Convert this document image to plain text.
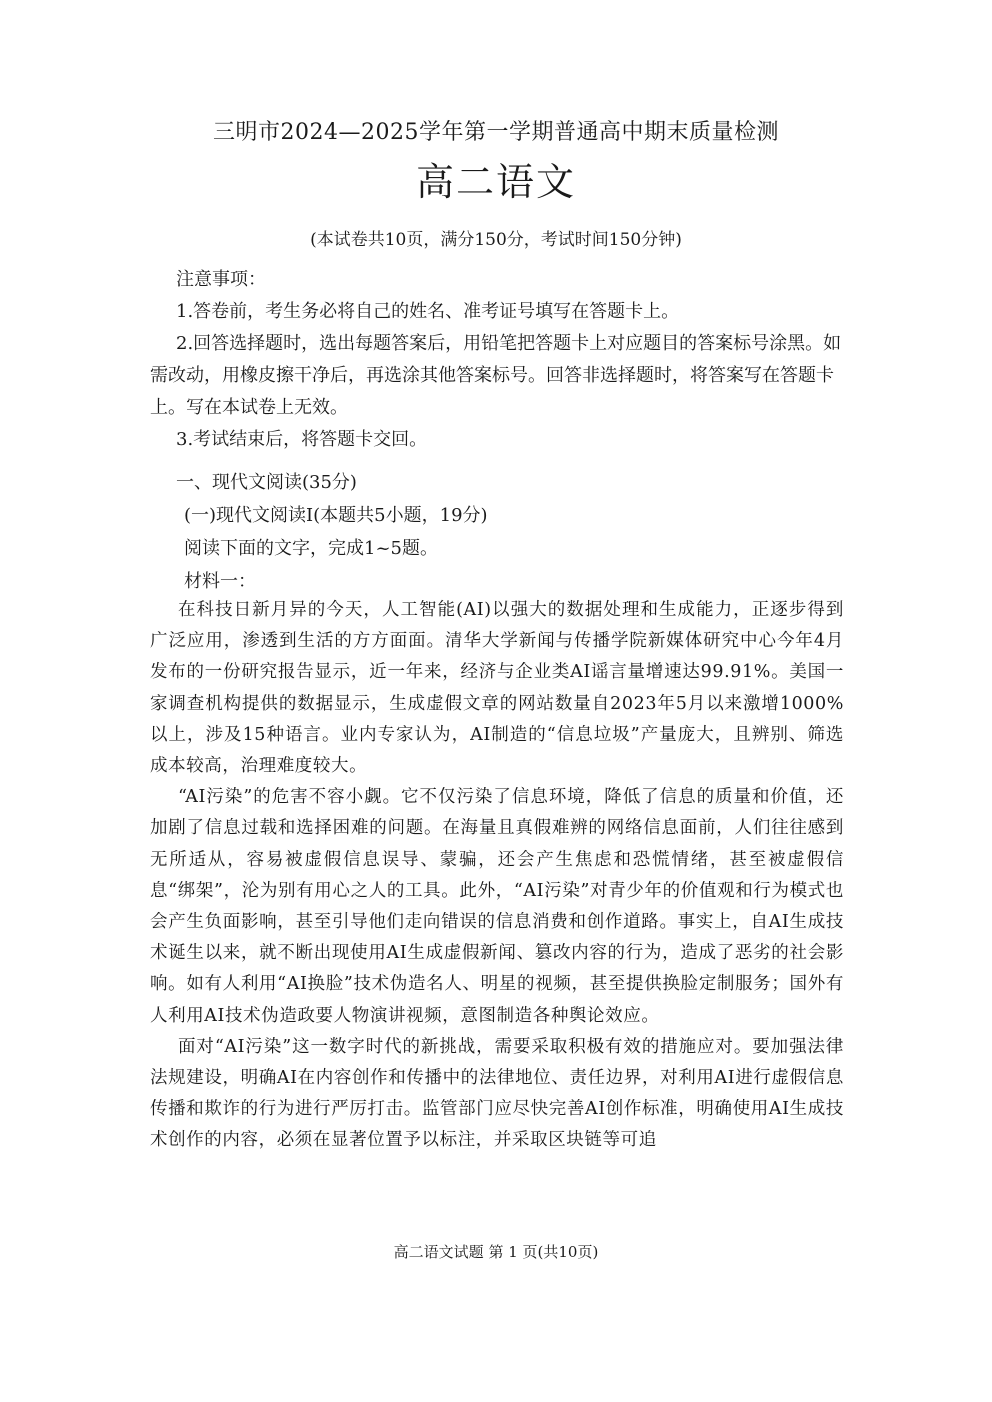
三明市2024—2025学年第一学期普通高中期末质量检测
高二语文
(本试卷共10页，满分150分，考试时间150分钟)

注意事项：

1.答卷前，考生务必将自己的姓名、准考证号填写在答题卡上。

2.回答选择题时，选出每题答案后，用铅笔把答题卡上对应题目的答案标号涂黑。如需改动，用橡皮擦干净后，再选涂其他答案标号。回答非选择题时，将答案写在答题卡上。写在本试卷上无效。

3.考试结束后，将答题卡交回。

一、现代文阅读(35分)

(一)现代文阅读Ⅰ(本题共5小题，19分)

阅读下面的文字，完成1~5题。

材料一：

在科技日新月异的今天，人工智能(AI)以强大的数据处理和生成能力，正逐步得到广泛应用，渗透到生活的方方面面。清华大学新闻与传播学院新媒体研究中心今年4月发布的一份研究报告显示，近一年来，经济与企业类AI谣言量增速达99.91%。美国一家调查机构提供的数据显示，生成虚假文章的网站数量自2023年5月以来激增1000%以上，涉及15种语言。业内专家认为，AI制造的“信息垃圾”产量庞大，且辨别、筛选成本较高，治理难度较大。

“AI污染”的危害不容小觑。它不仅污染了信息环境，降低了信息的质量和价值，还加剧了信息过载和选择困难的问题。在海量且真假难辨的网络信息面前，人们往往感到无所适从，容易被虚假信息误导、蒙骗，还会产生焦虑和恐慌情绪，甚至被虚假信息“绑架”，沦为别有用心之人的工具。此外，“AI污染”对青少年的价值观和行为模式也会产生负面影响，甚至引导他们走向错误的信息消费和创作道路。事实上，自AI生成技术诞生以来，就不断出现使用AI生成虚假新闻、篡改内容的行为，造成了恶劣的社会影响。如有人利用“AI换脸”技术伪造名人、明星的视频，甚至提供换脸定制服务；国外有人利用AI技术伪造政要人物演讲视频，意图制造各种舆论效应。

面对“AI污染”这一数字时代的新挑战，需要采取积极有效的措施应对。要加强法律法规建设，明确AI在内容创作和传播中的法律地位、责任边界，对利用AI进行虚假信息传播和欺诈的行为进行严厉打击。监管部门应尽快完善AI创作标准，明确使用AI生成技术创作的内容，必须在显著位置予以标注，并采取区块链等可追

高二语文试题 第 1 页(共10页)
